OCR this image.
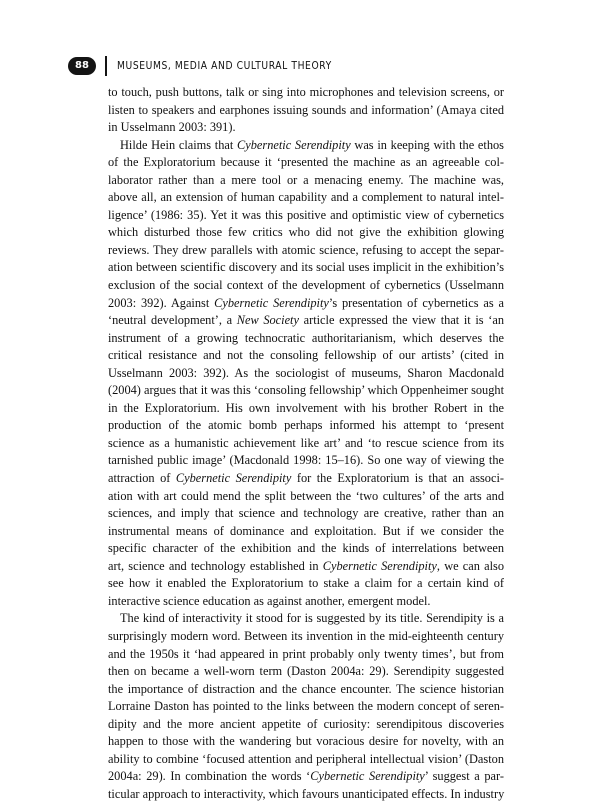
88	MUSEUMS, MEDIA AND CULTURAL THEORY
to touch, push buttons, talk or sing into microphones and television screens, or
listen to speakers and earphones issuing sounds and information’ (Amaya cited
in Usselmann 2003: 391).
Hilde Hein claims that Cybernetic Serendipity was in keeping with the ethos
of the Exploratorium because it ‘presented the machine as an agreeable col-
laborator rather than a mere tool or a menacing enemy. The machine was,
above all, an extension of human capability and a complement to natural intel-
ligence’ (1986: 35). Yet it was this positive and optimistic view of cybernetics
which disturbed those few critics who did not give the exhibition glowing
reviews. They drew parallels with atomic science, refusing to accept the separ-
ation between scientific discovery and its social uses implicit in the exhibition’s
exclusion of the social context of the development of cybernetics (Usselmann
2003: 392). Against Cybernetic Serendipity’s presentation of cybernetics as a
‘neutral development’, a New Society article expressed the view that it is ‘an
instrument of a growing technocratic authoritarianism, which deserves the
critical resistance and not the consoling fellowship of our artists’ (cited in
Usselmann 2003: 392). As the sociologist of museums, Sharon Macdonald
(2004) argues that it was this ‘consoling fellowship’ which Oppenheimer sought
in the Exploratorium. His own involvement with his brother Robert in the
production of the atomic bomb perhaps informed his attempt to ‘present
science as a humanistic achievement like art’ and ‘to rescue science from its
tarnished public image’ (Macdonald 1998: 15–16). So one way of viewing the
attraction of Cybernetic Serendipity for the Exploratorium is that an associ-
ation with art could mend the split between the ‘two cultures’ of the arts and
sciences, and imply that science and technology are creative, rather than an
instrumental means of dominance and exploitation. But if we consider the
specific character of the exhibition and the kinds of interrelations between
art, science and technology established in Cybernetic Serendipity, we can also
see how it enabled the Exploratorium to stake a claim for a certain kind of
interactive science education as against another, emergent model.
The kind of interactivity it stood for is suggested by its title. Serendipity is a
surprisingly modern word. Between its invention in the mid-eighteenth century
and the 1950s it ‘had appeared in print probably only twenty times’, but from
then on became a well-worn term (Daston 2004a: 29). Serendipity suggested
the importance of distraction and the chance encounter. The science historian
Lorraine Daston has pointed to the links between the modern concept of seren-
dipity and the more ancient appetite of curiosity: serendipitous discoveries
happen to those with the wandering but voracious desire for novelty, with an
ability to combine ‘focused attention and peripheral intellectual vision’ (Daston
2004a: 29). In combination the words ‘Cybernetic Serendipity’ suggest a par-
ticular approach to interactivity, which favours unanticipated effects. In industry
